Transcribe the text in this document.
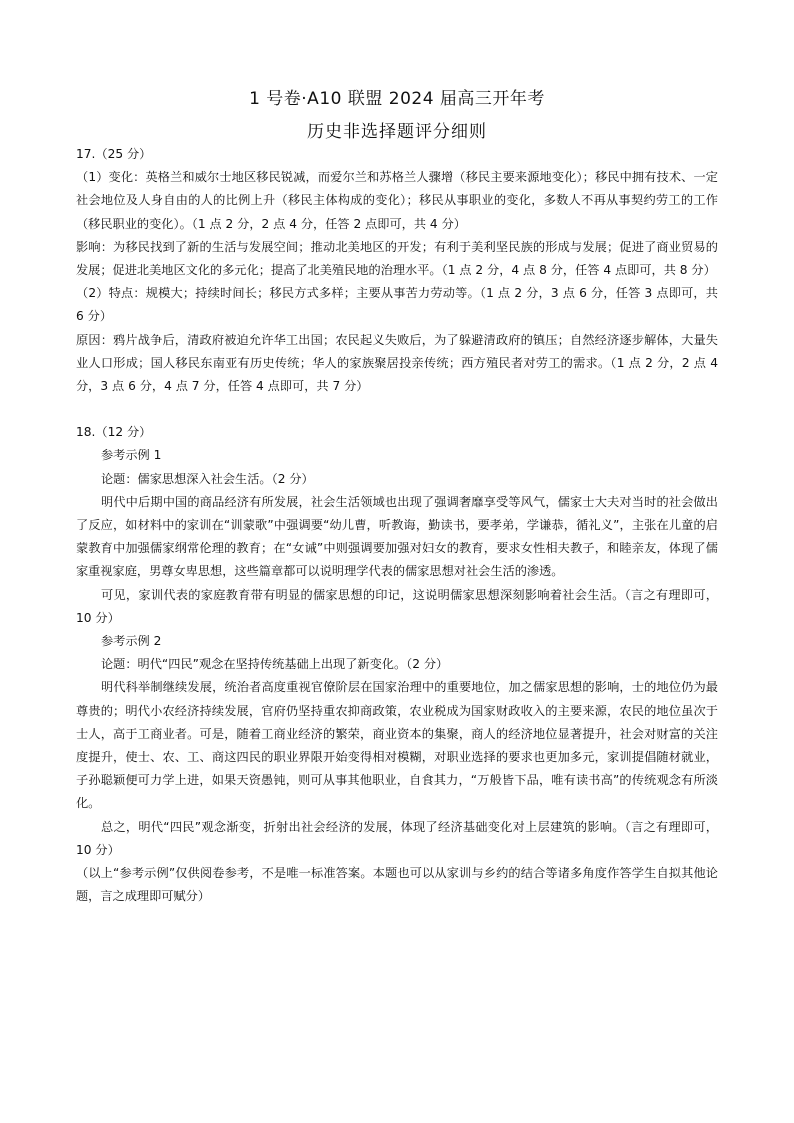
1 号卷·A10 联盟 2024 届高三开年考
历史非选择题评分细则

17.（25 分）

（1）变化：英格兰和威尔士地区移民锐减，而爱尔兰和苏格兰人骤增（移民主要来源地变化）；移民中拥有技术、一定社会地位及人身自由的人的比例上升（移民主体构成的变化）；移民从事职业的变化，多数人不再从事契约劳工的工作（移民职业的变化）。（1 点 2 分，2 点 4 分，任答 2 点即可，共 4 分）

影响：为移民找到了新的生活与发展空间；推动北美地区的开发；有利于美利坚民族的形成与发展；促进了商业贸易的发展；促进北美地区文化的多元化；提高了北美殖民地的治理水平。（1 点 2 分，4 点 8 分，任答 4 点即可，共 8 分）

（2）特点：规模大；持续时间长；移民方式多样；主要从事苦力劳动等。（1 点 2 分，3 点 6 分，任答 3 点即可，共 6 分）

原因：鸦片战争后，清政府被迫允许华工出国；农民起义失败后，为了躲避清政府的镇压；自然经济逐步解体，大量失业人口形成；国人移民东南亚有历史传统；华人的家族聚居投亲传统；西方殖民者对劳工的需求。（1 点 2 分，2 点 4 分，3 点 6 分，4 点 7 分，任答 4 点即可，共 7 分）

18.（12 分）

参考示例 1

论题：儒家思想深入社会生活。（2 分）

明代中后期中国的商品经济有所发展，社会生活领域也出现了强调奢靡享受等风气，儒家士大夫对当时的社会做出了反应，如材料中的家训在“训蒙歌”中强调要“幼儿曹，听教诲，勤读书，要孝弟，学谦恭，循礼义”，主张在儿童的启蒙教育中加强儒家纲常伦理的教育；在“女诫”中则强调要加强对妇女的教育，要求女性相夫教子，和睦亲友，体现了儒家重视家庭，男尊女卑思想，这些篇章都可以说明理学代表的儒家思想对社会生活的渗透。

可见，家训代表的家庭教育带有明显的儒家思想的印记，这说明儒家思想深刻影响着社会生活。（言之有理即可，10 分）

参考示例 2

论题：明代“四民”观念在坚持传统基础上出现了新变化。（2 分）

明代科举制继续发展，统治者高度重视官僚阶层在国家治理中的重要地位，加之儒家思想的影响，士的地位仍为最尊贵的；明代小农经济持续发展，官府仍坚持重农抑商政策，农业税成为国家财政收入的主要来源，农民的地位虽次于士人，高于工商业者。可是，随着工商业经济的繁荣，商业资本的集聚，商人的经济地位显著提升，社会对财富的关注度提升，使士、农、工、商这四民的职业界限开始变得相对模糊，对职业选择的要求也更加多元，家训提倡随材就业，子孙聪颖便可力学上进，如果天资愚钝，则可从事其他职业，自食其力，“万般皆下品，唯有读书高”的传统观念有所淡化。

总之，明代“四民”观念渐变，折射出社会经济的发展，体现了经济基础变化对上层建筑的影响。（言之有理即可，10 分）

（以上“参考示例”仅供阅卷参考，不是唯一标准答案。本题也可以从家训与乡约的结合等诸多角度作答学生自拟其他论题，言之成理即可赋分）
